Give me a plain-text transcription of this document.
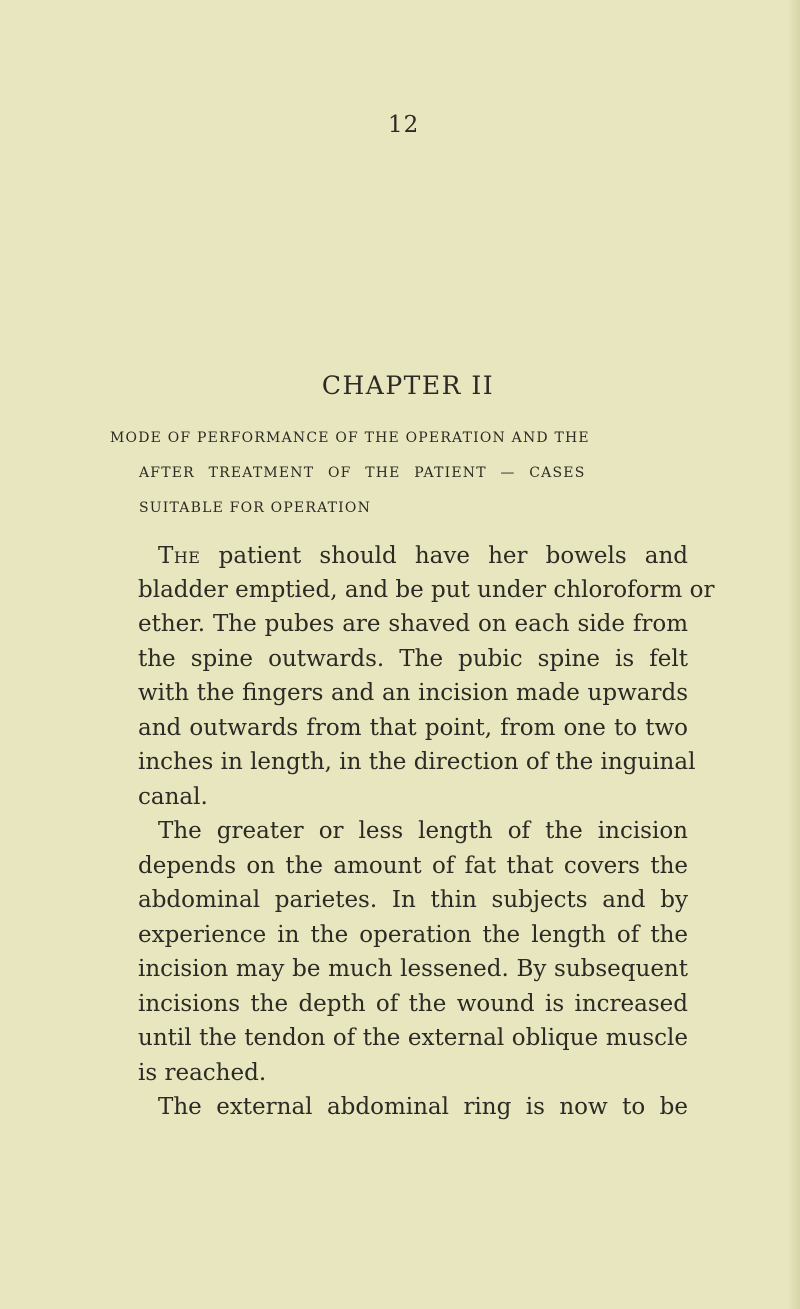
12
CHAPTER II
MODE OF PERFORMANCE OF THE OPERATION AND THE
AFTER TREATMENT OF THE PATIENT — CASES
SUITABLE FOR OPERATION
The patient should have her bowels and
bladder emptied, and be put under chloroform or
ether. The pubes are shaved on each side from
the spine outwards. The pubic spine is felt
with the fingers and an incision made upwards
and outwards from that point, from one to two
inches in length, in the direction of the inguinal
canal.
The greater or less length of the incision
depends on the amount of fat that covers the
abdominal parietes. In thin subjects and by
experience in the operation the length of the
incision may be much lessened. By subsequent
incisions the depth of the wound is increased
until the tendon of the external oblique muscle
is reached.
The external abdominal ring is now to be
